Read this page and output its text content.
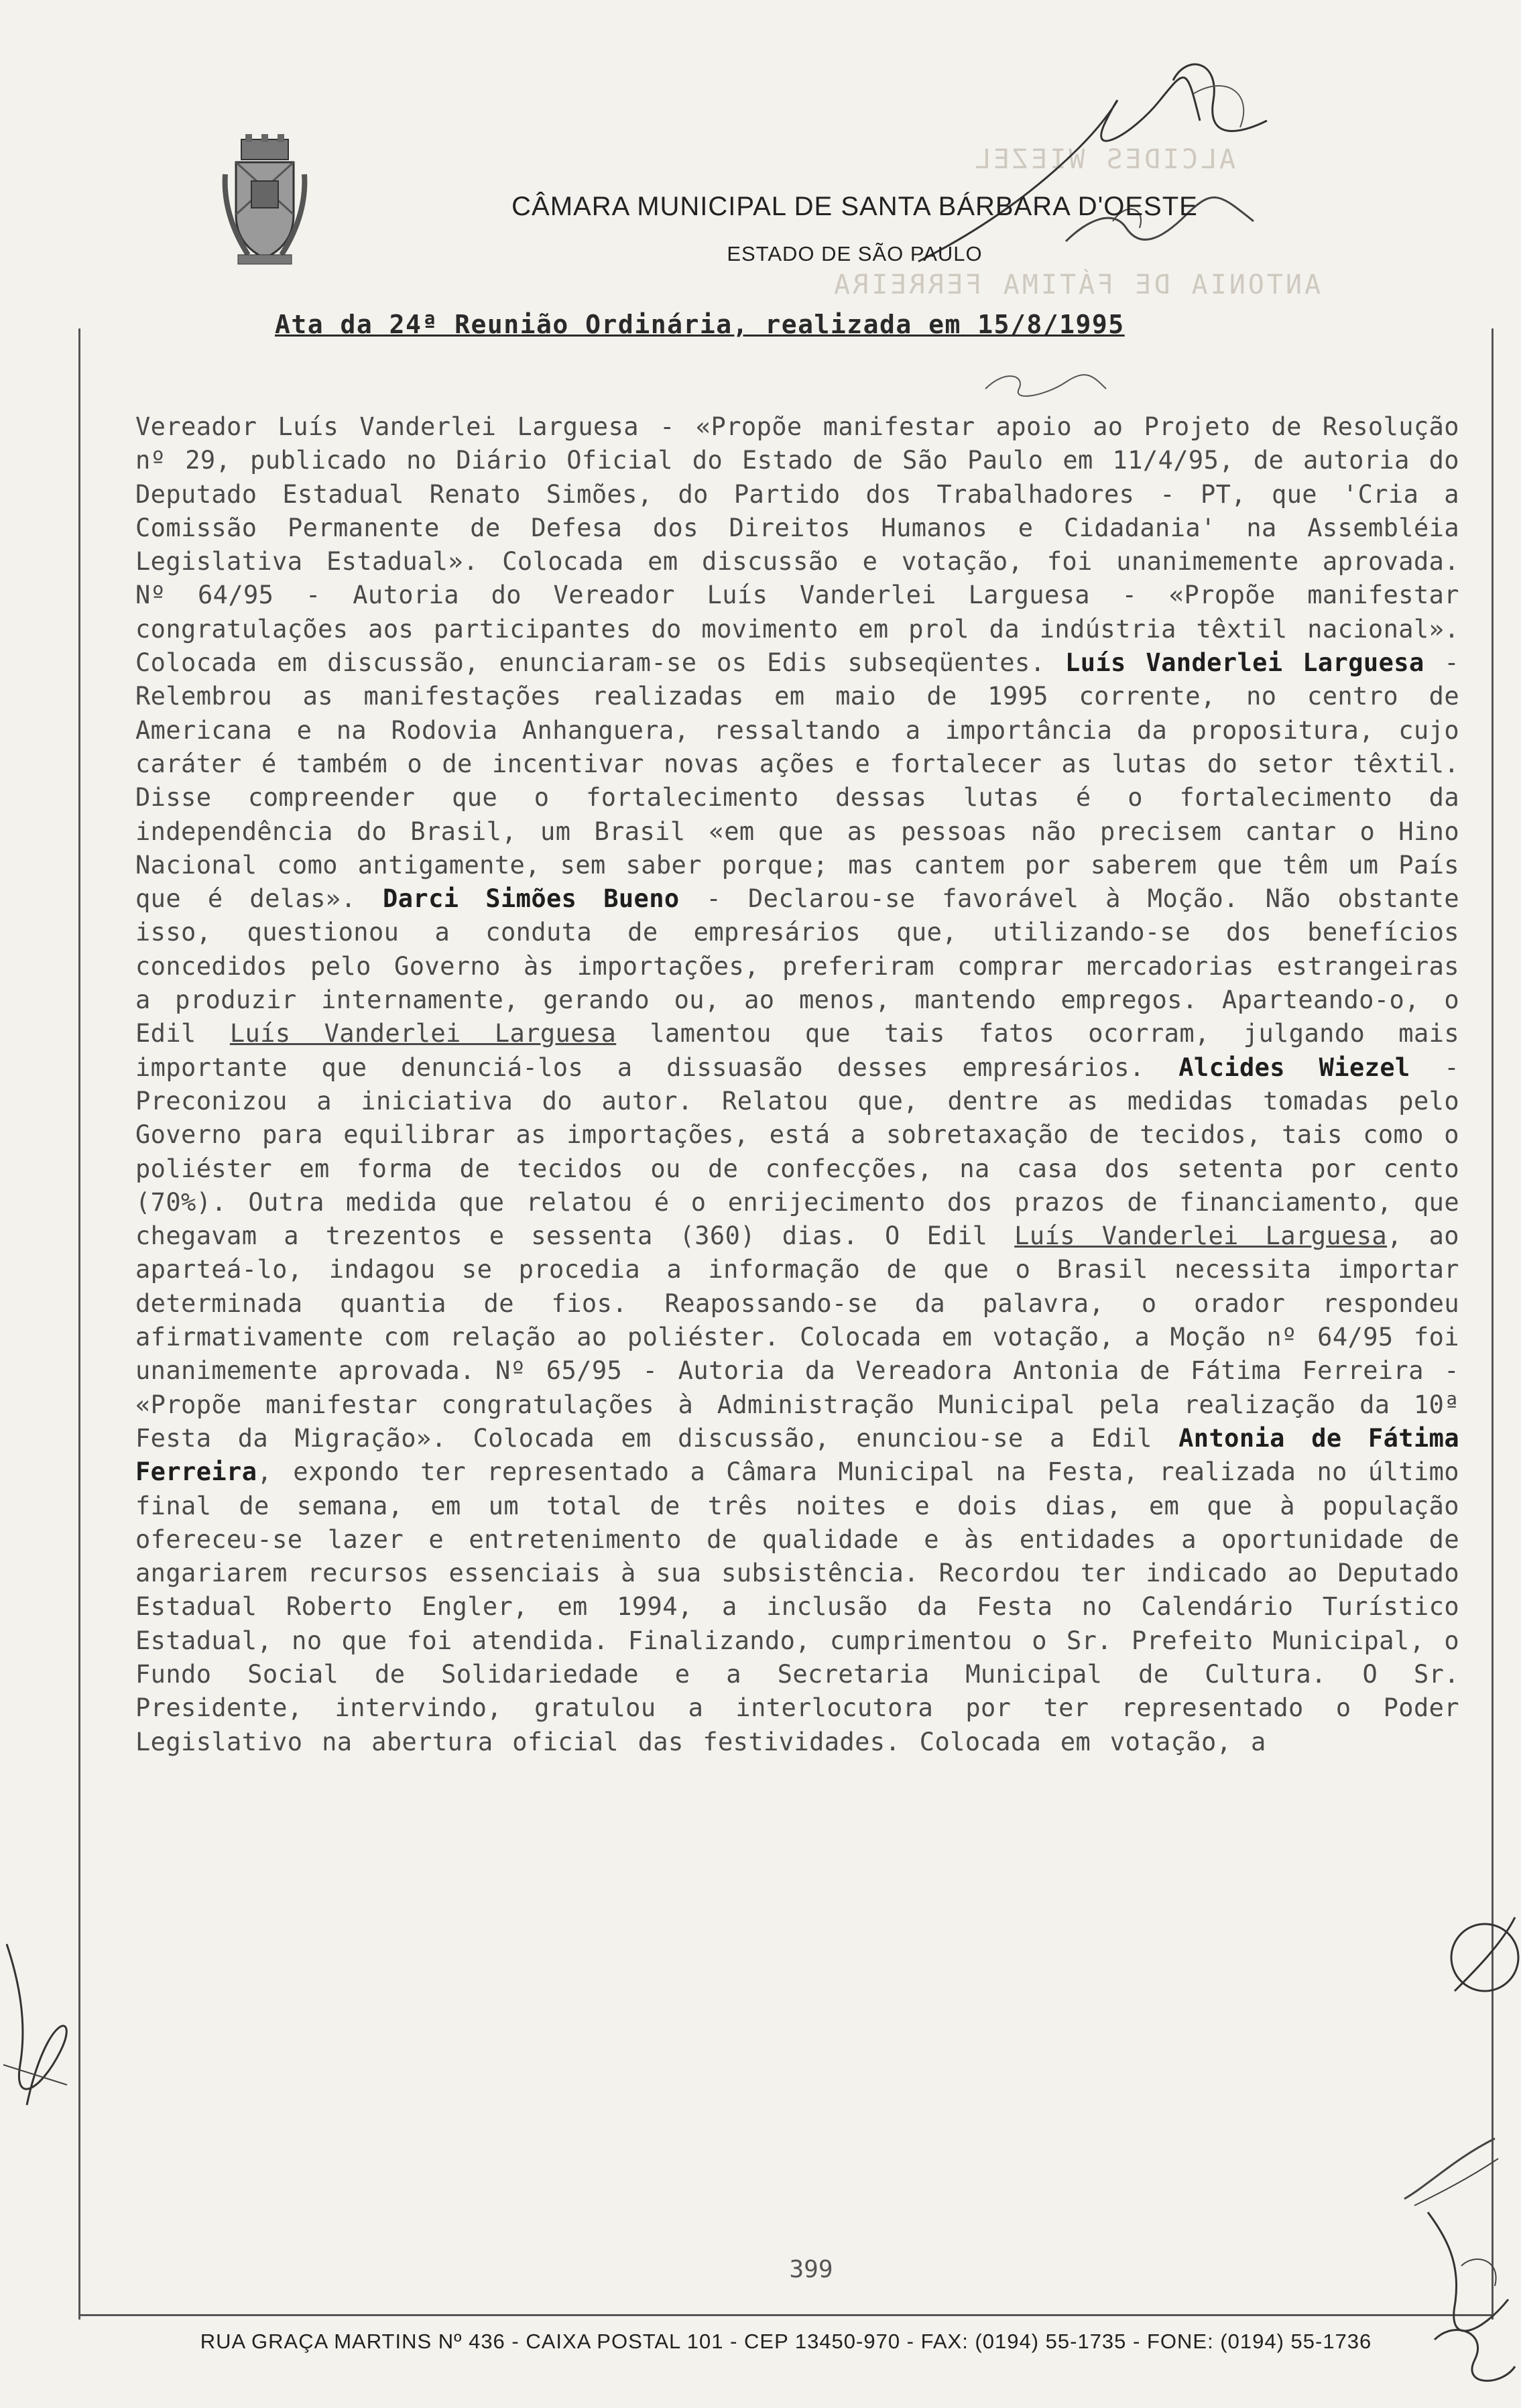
ALCIDES WIEZEL
ANTONIA DE FÁTIMA FERREIRA
CÂMARA MUNICIPAL DE SANTA BÁRBARA D'OESTE
ESTADO DE SÃO PAULO
Ata da 24ª Reunião Ordinária, realizada em 15/8/1995
Vereador Luís Vanderlei Larguesa - «Propõe manifestar apoio ao Projeto de Resolução nº 29, publicado no Diário Oficial do Estado de São Paulo em 11/4/95, de autoria do Deputado Estadual Renato Simões, do Partido dos Trabalhadores - PT, que 'Cria a Comissão Permanente de Defesa dos Direitos Humanos e Cidadania' na Assembléia Legislativa Estadual». Colocada em discussão e votação, foi unanimemente aprovada. Nº 64/95 - Autoria do Vereador Luís Vanderlei Larguesa - «Propõe manifestar congratulações aos participantes do movimento em prol da indústria têxtil nacional». Colocada em discussão, enunciaram-se os Edis subseqüentes. Luís Vanderlei Larguesa - Relembrou as manifestações realizadas em maio de 1995 corrente, no centro de Americana e na Rodovia Anhanguera, ressaltando a importância da propositura, cujo caráter é também o de incentivar novas ações e fortalecer as lutas do setor têxtil. Disse compreender que o fortalecimento dessas lutas é o fortalecimento da independência do Brasil, um Brasil «em que as pessoas não precisem cantar o Hino Nacional como antigamente, sem saber porque; mas cantem por saberem que têm um País que é delas». Darci Simões Bueno - Declarou-se favorável à Moção. Não obstante isso, questionou a conduta de empresários que, utilizando-se dos benefícios concedidos pelo Governo às importações, preferiram comprar mercadorias estrangeiras a produzir internamente, gerando ou, ao menos, mantendo empregos. Aparteando-o, o Edil Luís Vanderlei Larguesa lamentou que tais fatos ocorram, julgando mais importante que denunciá-los a dissuasão desses empresários. Alcides Wiezel - Preconizou a iniciativa do autor. Relatou que, dentre as medidas tomadas pelo Governo para equilibrar as importações, está a sobretaxação de tecidos, tais como o poliéster em forma de tecidos ou de confecções, na casa dos setenta por cento (70%). Outra medida que relatou é o enrijecimento dos prazos de financiamento, que chegavam a trezentos e sessenta (360) dias. O Edil Luís Vanderlei Larguesa, ao aparteá-lo, indagou se procedia a informação de que o Brasil necessita importar determinada quantia de fios. Reapossando-se da palavra, o orador respondeu afirmativamente com relação ao poliéster. Colocada em votação, a Moção nº 64/95 foi unanimemente aprovada. Nº 65/95 - Autoria da Vereadora Antonia de Fátima Ferreira - «Propõe manifestar congratulações à Administração Municipal pela realização da 10ª Festa da Migração». Colocada em discussão, enunciou-se a Edil Antonia de Fátima Ferreira, expondo ter representado a Câmara Municipal na Festa, realizada no último final de semana, em um total de três noites e dois dias, em que à população ofereceu-se lazer e entretenimento de qualidade e às entidades a oportunidade de angariarem recursos essenciais à sua subsistência. Recordou ter indicado ao Deputado Estadual Roberto Engler, em 1994, a inclusão da Festa no Calendário Turístico Estadual, no que foi atendida. Finalizando, cumprimentou o Sr. Prefeito Municipal, o Fundo Social de Solidariedade e a Secretaria Municipal de Cultura. O Sr. Presidente, intervindo, gratulou a interlocutora por ter representado o Poder Legislativo na abertura oficial das festividades. Colocada em votação, a
399
RUA GRAÇA MARTINS Nº 436 - CAIXA POSTAL 101 - CEP 13450-970 - FAX: (0194) 55-1735 - FONE: (0194) 55-1736
